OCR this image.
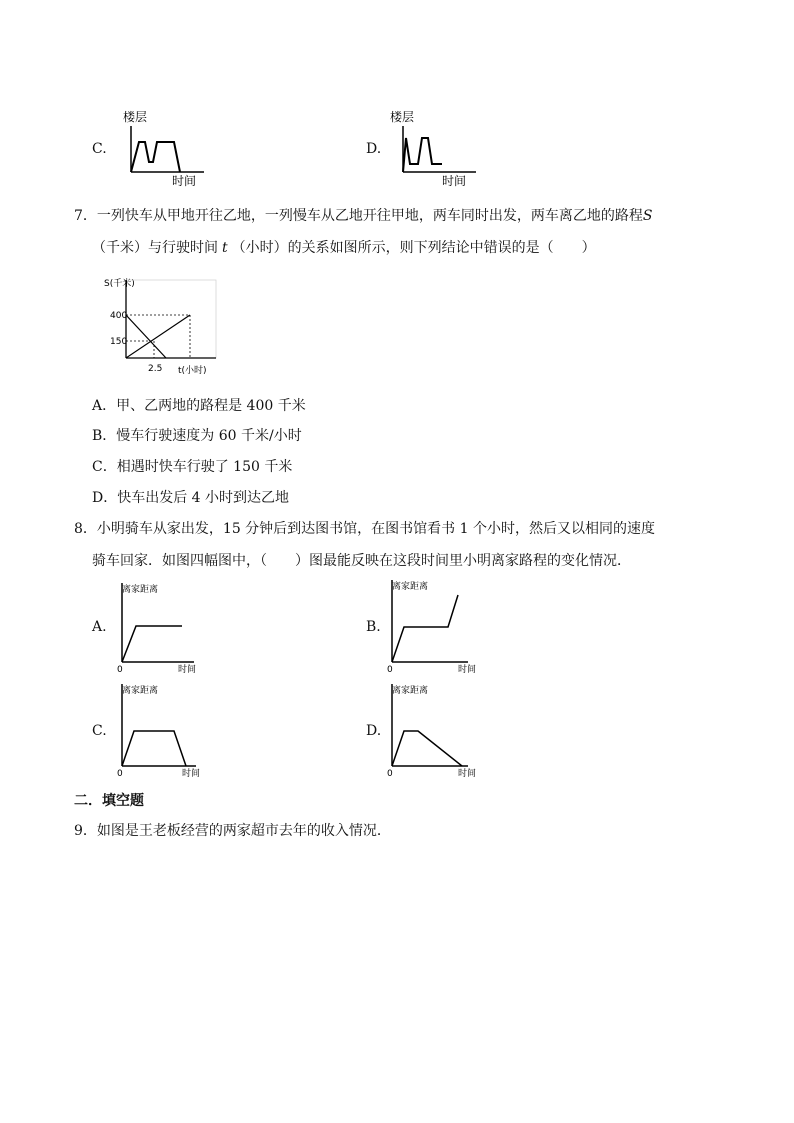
C.
楼层
时间
D.
楼层
时间
7．一列快车从甲地开往乙地，一列慢车从乙地开往甲地，两车同时出发，两车离乙地的路程S
（千米）与行驶时间 t （小时）的关系如图所示，则下列结论中错误的是（　　）
S(千米)
400
150
2.5 t(小时)
A．甲、乙两地的路程是 400 千米
B．慢车行驶速度为 60 千米/小时
C．相遇时快车行驶了 150 千米
D．快车出发后 4 小时到达乙地
8．小明骑车从家出发，15 分钟后到达图书馆，在图书馆看书 1 个小时，然后又以相同的速度
骑车回家．如图四幅图中，（　　）图最能反映在这段时间里小明离家路程的变化情况．
A.
离家距离
0	时间
B.
离家距离
0	时间
C.
离家距离
0	时间
D.
离家距离
0	时间
二．填空题
9．如图是王老板经营的两家超市去年的收入情况．
